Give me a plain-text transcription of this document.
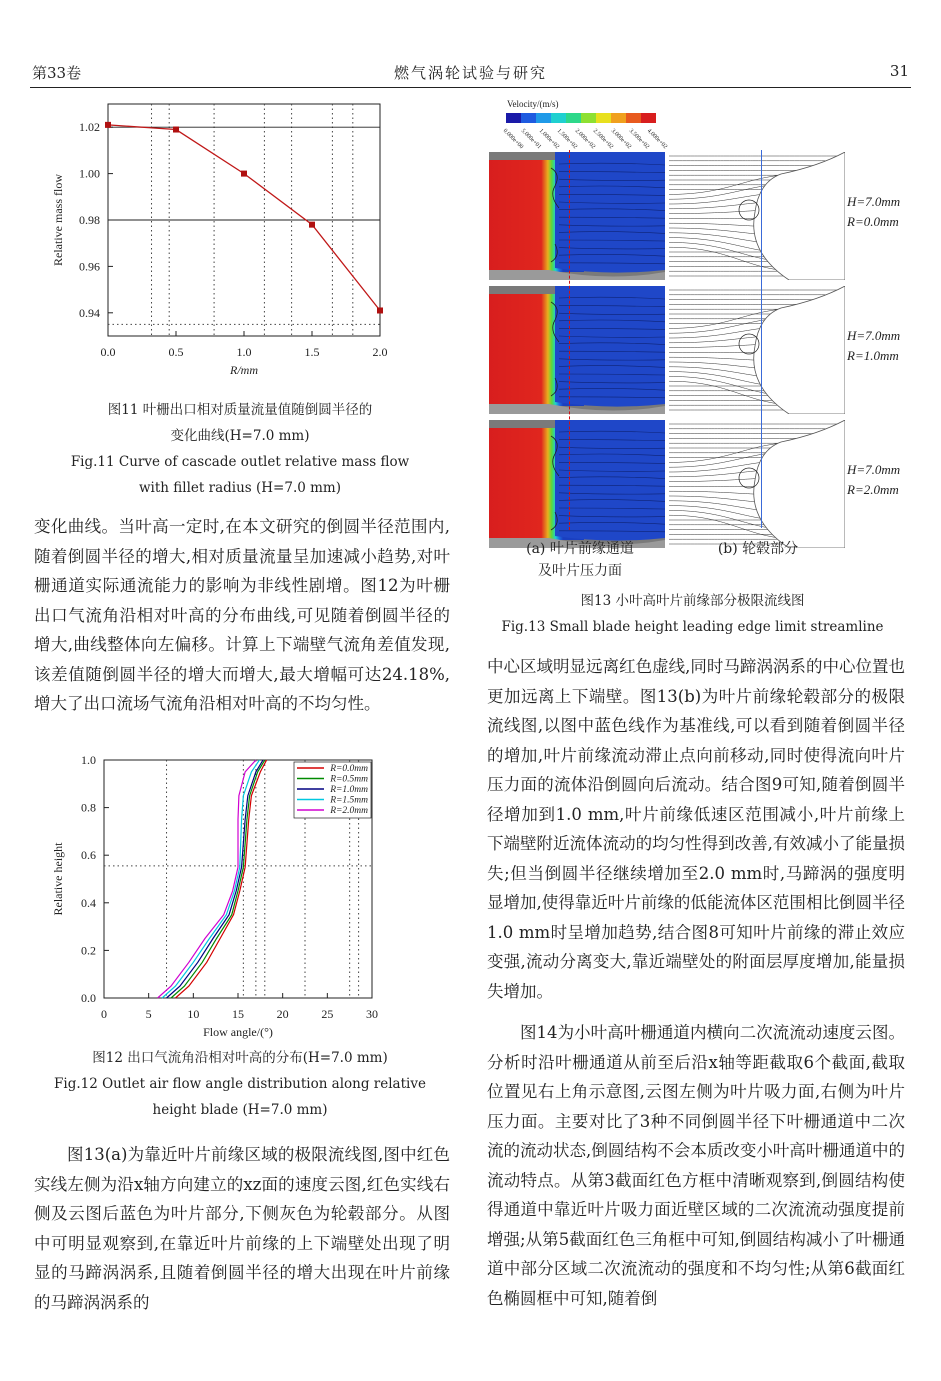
第33卷	燃气涡轮试验与研究	31
0.94
0.96
0.98
1.00
1.02
0.0	0.5	1.0	1.5	2.0
R/mm
Relative mass flow
图11 叶栅出口相对质量流量值随倒圆半径的
变化曲线(H=7.0 mm)
Fig.11 Curve of cascade outlet relative mass flow
with fillet radius (H=7.0 mm)
变化曲线。当叶高一定时,在本文研究的倒圆半径范围内,随着倒圆半径的增大,相对质量流量呈加速减小趋势,对叶栅通道实际通流能力的影响为非线性剧增。图12为叶栅出口气流角沿相对叶高的分布曲线,可见随着倒圆半径的增大,曲线整体向左偏移。计算上下端壁气流角差值发现,该差值随倒圆半径的增大而增大,最大增幅可达24.18%,增大了出口流场气流角沿相对叶高的不均匀性。
0.0
0.2
0.4
0.6
0.8
1.0
0	5	10	15	20	25	30
Flow angle/(°)
Relative height
R=0.0mm
R=0.5mm
R=1.0mm
R=1.5mm
R=2.0mm
图12 出口气流角沿相对叶高的分布(H=7.0 mm)
Fig.12 Outlet air flow angle distribution along relative
height blade (H=7.0 mm)
图13(a)为靠近叶片前缘区域的极限流线图,图中红色实线左侧为沿x轴方向建立的xz面的速度云图,红色实线右侧及云图后蓝色为叶片部分,下侧灰色为轮毂部分。从图中可明显观察到,在靠近叶片前缘的上下端壁处出现了明显的马蹄涡涡系,且随着倒圆半径的增大出现在叶片前缘的马蹄涡涡系的
Velocity/(m/s)
0.000e+00
5.000e+01
1.000e+02
1.500e+02
2.000e+02
2.500e+02
3.000e+02
3.500e+02
4.000e+02
H=7.0mm
R=0.0mm
H=7.0mm
R=1.0mm
H=7.0mm
R=2.0mm
(a) 叶片前缘通道
及叶片压力面
(b) 轮毂部分
图13 小叶高叶片前缘部分极限流线图
Fig.13 Small blade height leading edge limit streamline
中心区域明显远离红色虚线,同时马蹄涡涡系的中心位置也更加远离上下端壁。图13(b)为叶片前缘轮毂部分的极限流线图,以图中蓝色线作为基准线,可以看到随着倒圆半径的增加,叶片前缘流动滞止点向前移动,同时使得流向叶片压力面的流体沿倒圆向后流动。结合图9可知,随着倒圆半径增加到1.0 mm,叶片前缘低速区范围减小,叶片前缘上下端壁附近流体流动的均匀性得到改善,有效减小了能量损失;但当倒圆半径继续增加至2.0 mm时,马蹄涡的强度明显增加,使得靠近叶片前缘的低能流体区范围相比倒圆半径1.0 mm时呈增加趋势,结合图8可知叶片前缘的滞止效应变强,流动分离变大,靠近端壁处的附面层厚度增加,能量损失增加。
图14为小叶高叶栅通道内横向二次流流动速度云图。分析时沿叶栅通道从前至后沿x轴等距截取6个截面,截取位置见右上角示意图,云图左侧为叶片吸力面,右侧为叶片压力面。主要对比了3种不同倒圆半径下叶栅通道中二次流的流动状态,倒圆结构不会本质改变小叶高叶栅通道中的流动特点。从第3截面红色方框中清晰观察到,倒圆结构使得通道中靠近叶片吸力面近壁区域的二次流流动强度提前增强;从第5截面红色三角框中可知,倒圆结构减小了叶栅通道中部分区域二次流流动的强度和不均匀性;从第6截面红色椭圆框中可知,随着倒
